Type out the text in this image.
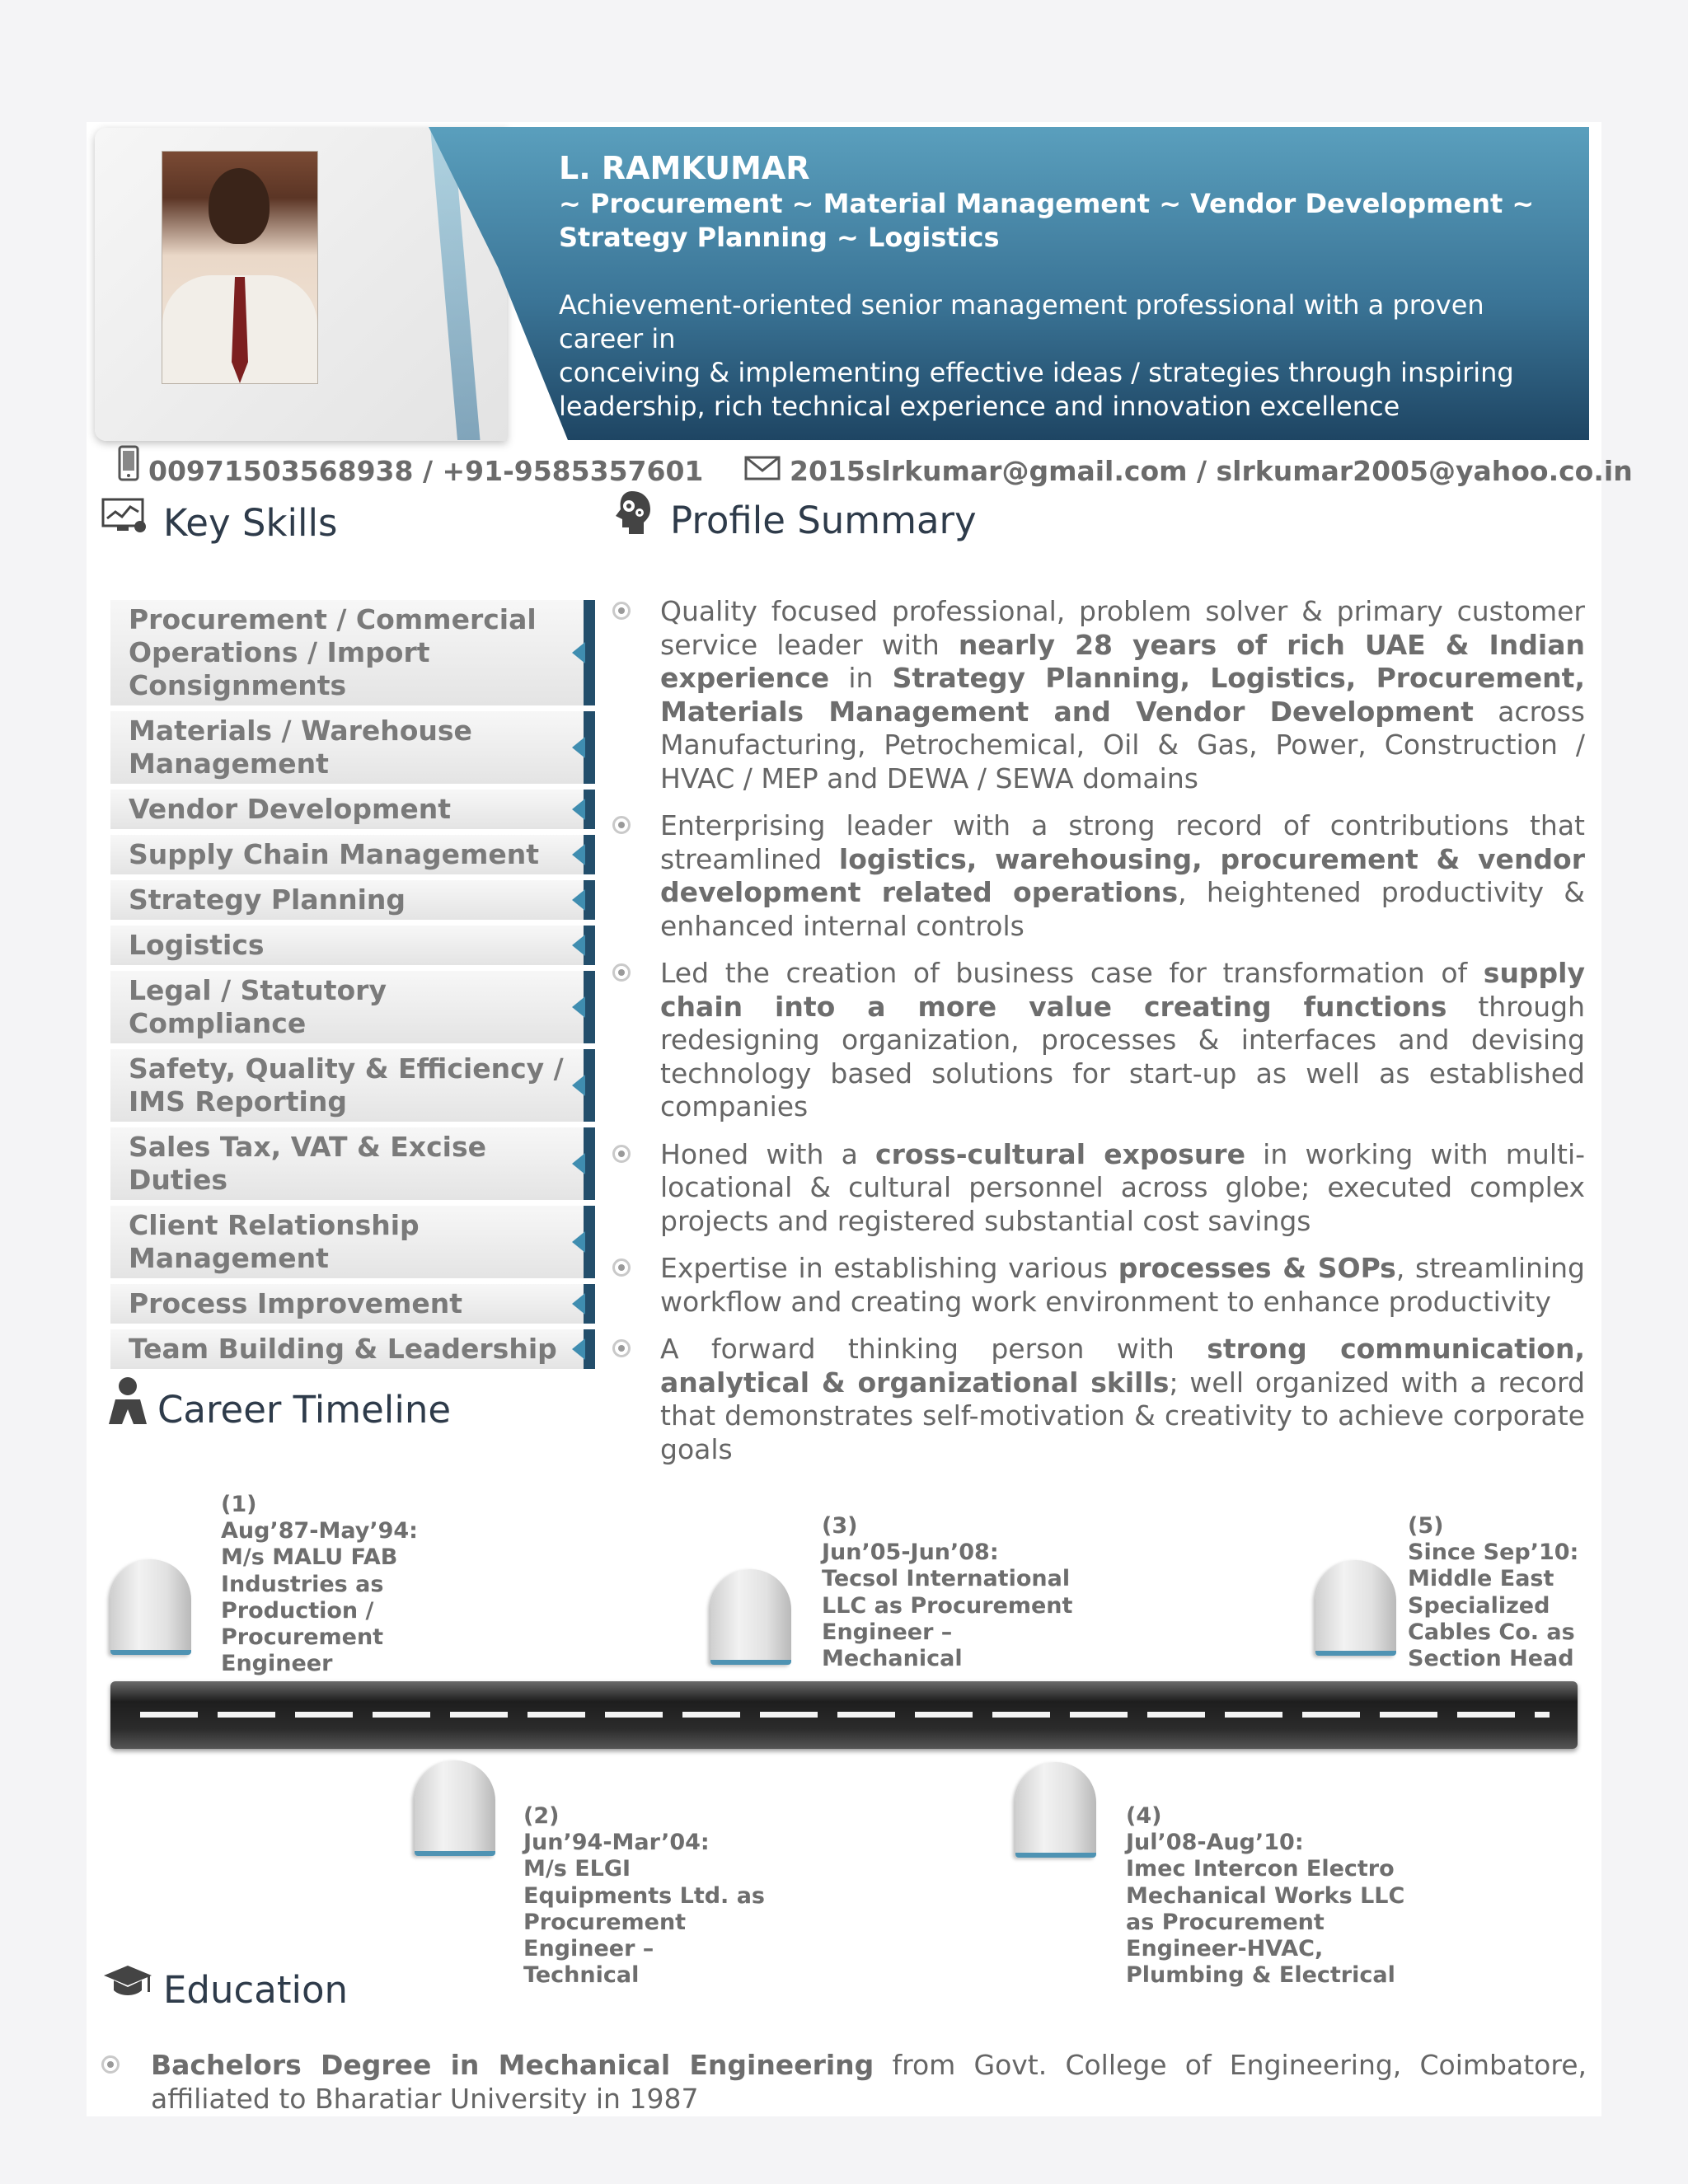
L. RAMKUMAR
~ Procurement ~ Material Management ~ Vendor Development ~
Strategy Planning ~ Logistics
Achievement-oriented senior management professional with a proven career in
conceiving & implementing effective ideas / strategies through inspiring
leadership, rich technical experience and innovation excellence
00971503568938 / +91-9585357601	2015slrkumar@gmail.com / slrkumar2005@yahoo.co.in
Key Skills	Profile Summary
Procurement / Commercial Operations / Import Consignments
Materials / Warehouse Management
Vendor Development
Supply Chain Management
Strategy Planning
Logistics
Legal / Statutory Compliance
Safety, Quality & Efficiency / IMS Reporting
Sales Tax, VAT & Excise Duties
Client Relationship Management
Process Improvement
Team Building & Leadership
Quality focused professional, problem solver & primary customer service leader with nearly 28 years of rich UAE & Indian experience in Strategy Planning, Logistics, Procurement, Materials Management and Vendor Development across Manufacturing, Petrochemical, Oil & Gas, Power, Construction / HVAC / MEP and DEWA / SEWA domains
Enterprising leader with a strong record of contributions that streamlined logistics, warehousing, procurement & vendor development related operations, heightened productivity & enhanced internal controls
Led the creation of business case for transformation of supply chain into a more value creating functions through redesigning organization, processes & interfaces and devising technology based solutions for start-up as well as established companies
Honed with a cross-cultural exposure in working with multi-locational & cultural personnel across globe; executed complex projects and registered substantial cost savings
Expertise in establishing various processes & SOPs, streamlining workflow and creating work environment to enhance productivity
A forward thinking person with strong communication, analytical & organizational skills; well organized with a record that demonstrates self-motivation & creativity to achieve corporate goals
Career Timeline
(1)
Aug’87-May’94:
M/s MALU FAB
Industries as
Production /
Procurement
Engineer
(3)
Jun’05-Jun’08:
Tecsol International
LLC as Procurement
Engineer –
Mechanical
(5)
Since Sep’10:
Middle East
Specialized
Cables Co. as
Section Head
(2)
Jun’94-Mar’04:
M/s ELGI
Equipments Ltd. as
Procurement
Engineer –
Technical
(4)
Jul’08-Aug’10:
Imec Intercon Electro
Mechanical Works LLC
as Procurement
Engineer-HVAC,
Plumbing & Electrical
Education
Bachelors Degree in Mechanical Engineering from Govt. College of Engineering, Coimbatore, affiliated to Bharatiar University in 1987
